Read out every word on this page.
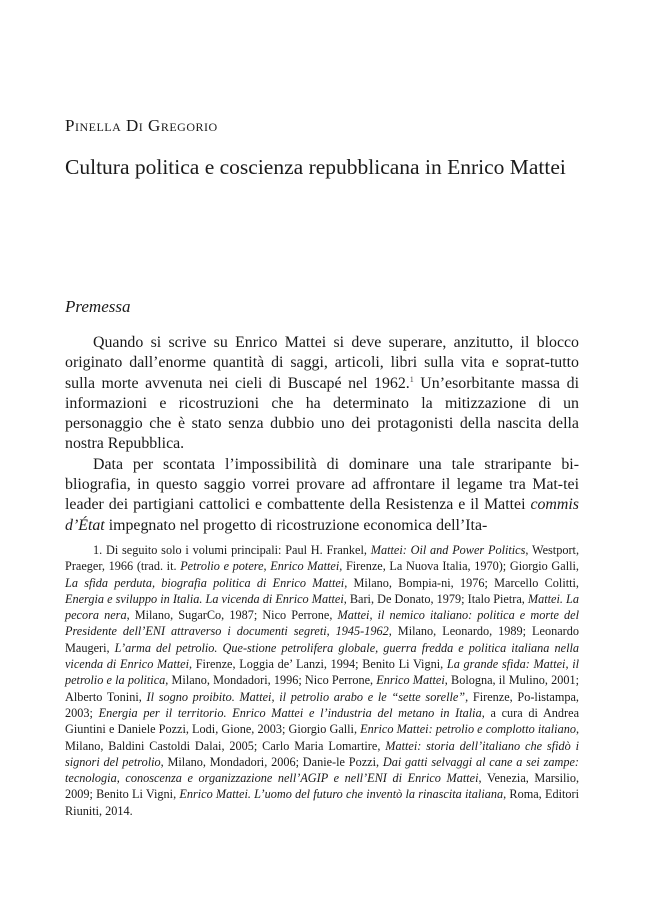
Pinella Di Gregorio
Cultura politica e coscienza repubblicana in Enrico Mattei
Premessa

Quando si scrive su Enrico Mattei si deve superare, anzitutto, il blocco originato dall’enorme quantità di saggi, articoli, libri sulla vita e soprat-tutto sulla morte avvenuta nei cieli di Buscapé nel 1962.$^1$ Un’esorbitante massa di informazioni e ricostruzioni che ha determinato la mitizzazione di un personaggio che è stato senza dubbio uno dei protagonisti della nascita della nostra Repubblica.

Data per scontata l’impossibilità di dominare una tale straripante bi-bliografia, in questo saggio vorrei provare ad affrontare il legame tra Mat-tei leader dei partigiani cattolici e combattente della Resistenza e il Mattei commis d’État impegnato nel progetto di ricostruzione economica dell’Ita-

1. Di seguito solo i volumi principali: Paul H. Frankel, Mattei: Oil and Power Politics, Westport, Praeger, 1966 (trad. it. Petrolio e potere, Enrico Mattei, Firenze, La Nuova Italia, 1970); Giorgio Galli, La sfida perduta, biografia politica di Enrico Mattei, Milano, Bompia-ni, 1976; Marcello Colitti, Energia e sviluppo in Italia. La vicenda di Enrico Mattei, Bari, De Donato, 1979; Italo Pietra, Mattei. La pecora nera, Milano, SugarCo, 1987; Nico Perrone, Mattei, il nemico italiano: politica e morte del Presidente dell’ENI attraverso i documenti segreti, 1945-1962, Milano, Leonardo, 1989; Leonardo Maugeri, L’arma del petrolio. Que-stione petrolifera globale, guerra fredda e politica italiana nella vicenda di Enrico Mattei, Firenze, Loggia de’ Lanzi, 1994; Benito Li Vigni, La grande sfida: Mattei, il petrolio e la politica, Milano, Mondadori, 1996; Nico Perrone, Enrico Mattei, Bologna, il Mulino, 2001; Alberto Tonini, Il sogno proibito. Mattei, il petrolio arabo e le “sette sorelle”, Firenze, Po-listampa, 2003; Energia per il territorio. Enrico Mattei e l’industria del metano in Italia, a cura di Andrea Giuntini e Daniele Pozzi, Lodi, Gione, 2003; Giorgio Galli, Enrico Mattei: petrolio e complotto italiano, Milano, Baldini Castoldi Dalai, 2005; Carlo Maria Lomartire, Mattei: storia dell’italiano che sfidò i signori del petrolio, Milano, Mondadori, 2006; Danie-le Pozzi, Dai gatti selvaggi al cane a sei zampe: tecnologia, conoscenza e organizzazione nell’AGIP e nell’ENI di Enrico Mattei, Venezia, Marsilio, 2009; Benito Li Vigni, Enrico Mattei. L’uomo del futuro che inventò la rinascita italiana, Roma, Editori Riuniti, 2014.
